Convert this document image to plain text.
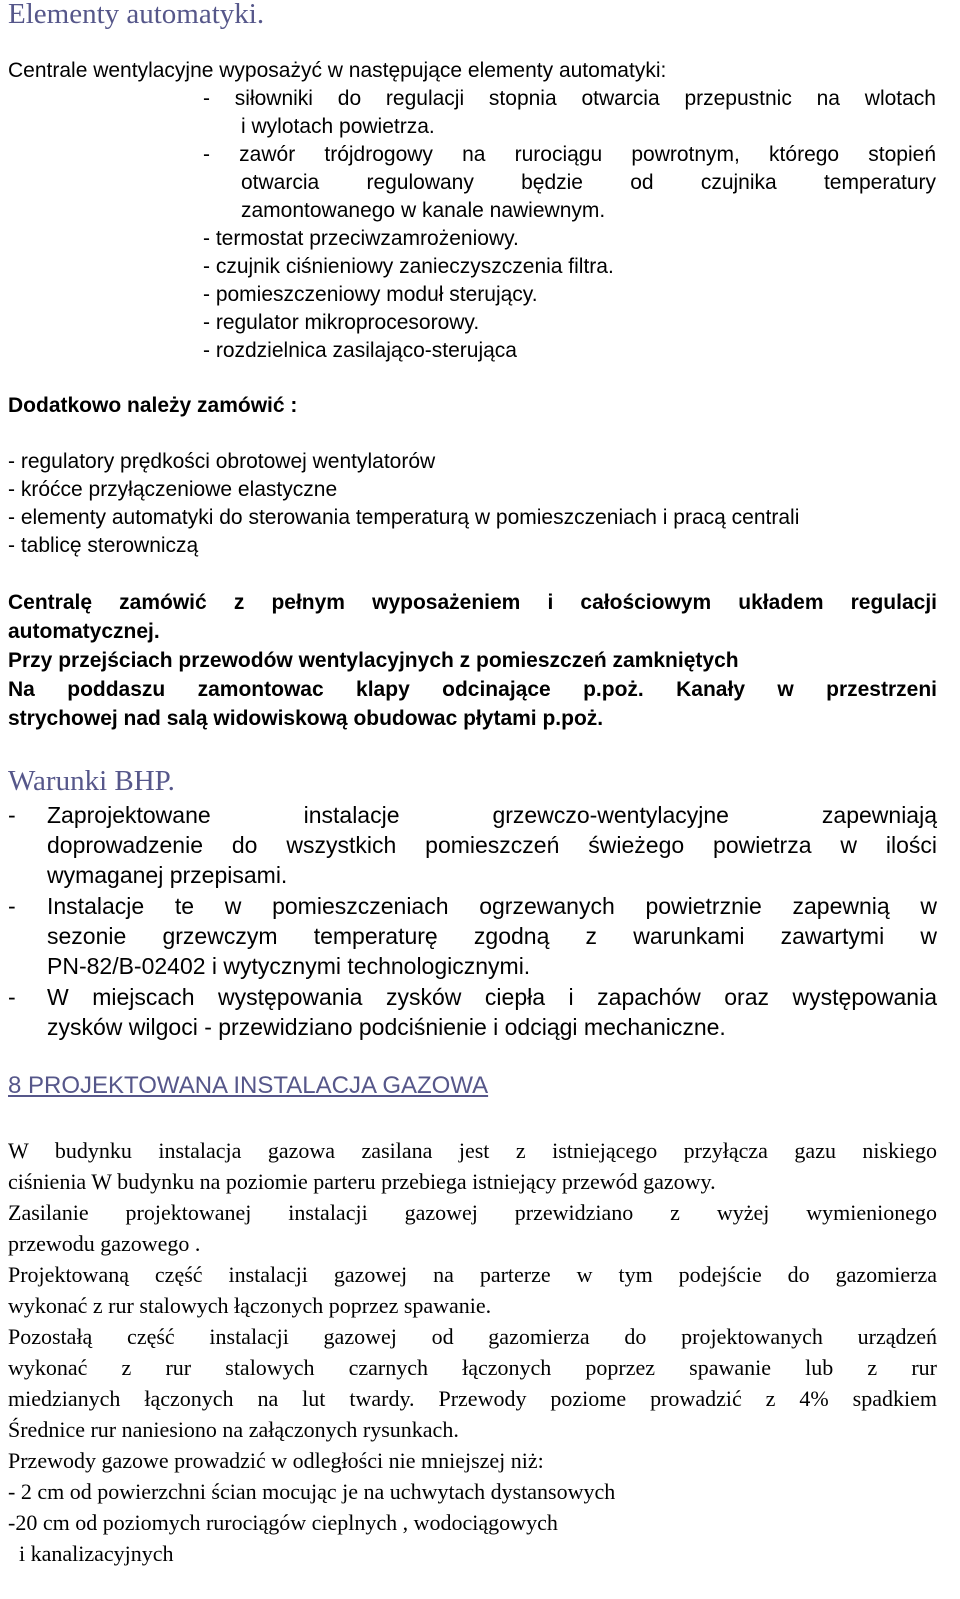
Elementy automatyki.
Centrale wentylacyjne wyposażyć w następujące elementy automatyki:
- siłowniki do regulacji stopnia otwarcia przepustnic na wlotach
i wylotach powietrza.
- zawór trójdrogowy na rurociągu powrotnym, którego stopień
otwarcia regulowany będzie od czujnika temperatury
zamontowanego w kanale nawiewnym.
- termostat przeciwzamrożeniowy.
- czujnik ciśnieniowy zanieczyszczenia filtra.
- pomieszczeniowy moduł sterujący.
- regulator mikroprocesorowy.
- rozdzielnica zasilająco-sterująca
Dodatkowo należy zamówić :
- regulatory prędkości obrotowej wentylatorów
- króćce przyłączeniowe elastyczne
- elementy automatyki do sterowania temperaturą w pomieszczeniach i pracą centrali
- tablicę sterowniczą
Centralę zamówić z pełnym wyposażeniem i całościowym układem regulacji
automatycznej.
Przy przejściach przewodów wentylacyjnych z pomieszczeń zamkniętych
Na poddaszu zamontowac klapy odcinające p.poż. Kanały w przestrzeni
strychowej nad salą widowiskową obudowac płytami p.poż.
Warunki BHP.
- Zaprojektowane instalacje grzewczo-wentylacyjne zapewniają
doprowadzenie do wszystkich pomieszczeń świeżego powietrza w ilości
wymaganej przepisami.
- Instalacje te w pomieszczeniach ogrzewanych powietrznie zapewnią w
sezonie grzewczym temperaturę zgodną z warunkami zawartymi w
PN-82/B-02402 i wytycznymi technologicznymi.
- W miejscach występowania zysków ciepła i zapachów oraz występowania
zysków wilgoci - przewidziano podciśnienie i odciągi mechaniczne.
8 PROJEKTOWANA INSTALACJA GAZOWA
W budynku instalacja gazowa zasilana jest z istniejącego przyłącza gazu niskiego
ciśnienia W budynku na poziomie parteru przebiega istniejący przewód gazowy.
Zasilanie projektowanej instalacji gazowej przewidziano z wyżej wymienionego
przewodu gazowego .
Projektowaną część instalacji gazowej na parterze w tym podejście do gazomierza
wykonać z rur stalowych łączonych poprzez spawanie.
Pozostałą część instalacji gazowej od gazomierza do projektowanych urządzeń
wykonać z rur stalowych czarnych łączonych poprzez spawanie lub z rur
miedzianych łączonych na lut twardy. Przewody poziome prowadzić z 4% spadkiem
Średnice rur naniesiono na załączonych rysunkach.
Przewody gazowe prowadzić w odległości nie mniejszej niż:
- 2 cm od powierzchni ścian mocując je na uchwytach dystansowych
-20 cm od poziomych rurociągów cieplnych , wodociągowych
i kanalizacyjnych
